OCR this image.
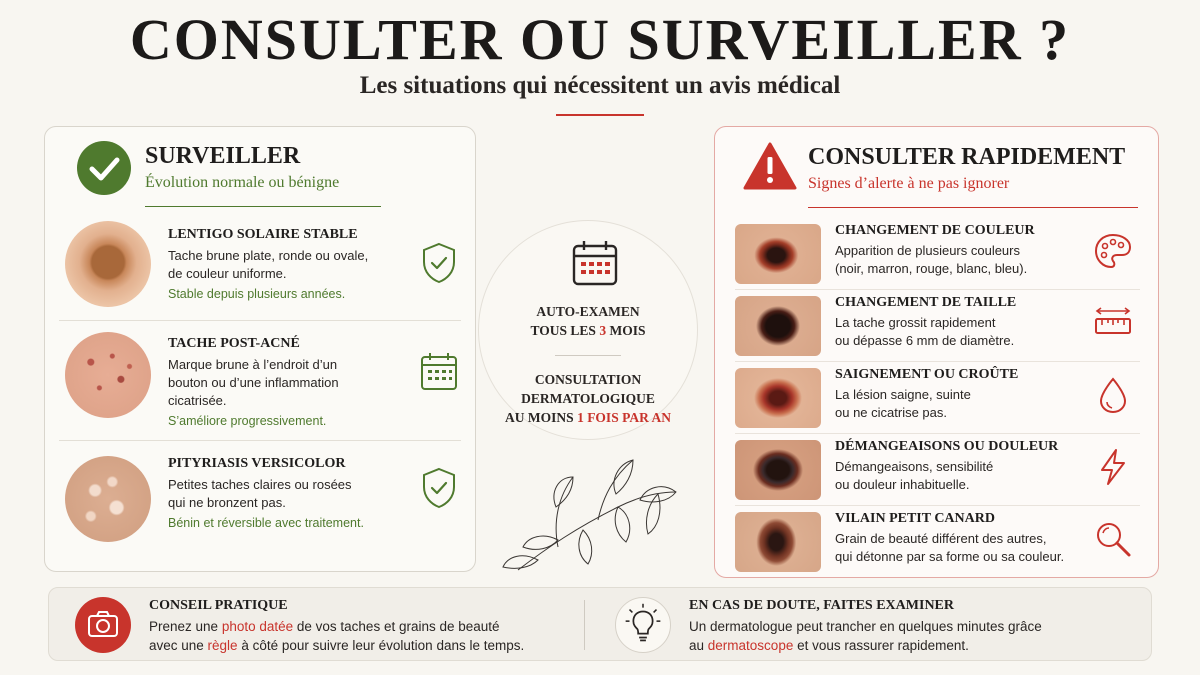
CONSULTER OU SURVEILLER ?
Les situations qui nécessitent un avis médical
SURVEILLER
Évolution normale ou bénigne
LENTIGO SOLAIRE STABLE
Tache brune plate, ronde ou ovale,
de couleur uniforme.
Stable depuis plusieurs années.
TACHE POST-ACNÉ
Marque brune à l’endroit d’un
bouton ou d’une inflammation
cicatrisée.
S’améliore progressivement.
PITYRIASIS VERSICOLOR
Petites taches claires ou rosées
qui ne bronzent pas.
Bénin et réversible avec traitement.
AUTO-EXAMEN
TOUS LES 3 MOIS
CONSULTATION
DERMATOLOGIQUE
AU MOINS 1 FOIS PAR AN
CONSULTER RAPIDEMENT
Signes d’alerte à ne pas ignorer
CHANGEMENT DE COULEUR
Apparition de plusieurs couleurs
(noir, marron, rouge, blanc, bleu).
CHANGEMENT DE TAILLE
La tache grossit rapidement
ou dépasse 6 mm de diamètre.
SAIGNEMENT OU CROÛTE
La lésion saigne, suinte
ou ne cicatrise pas.
DÉMANGEAISONS OU DOULEUR
Démangeaisons, sensibilité
ou douleur inhabituelle.
VILAIN PETIT CANARD
Grain de beauté différent des autres,
qui détonne par sa forme ou sa couleur.
CONSEIL PRATIQUE
Prenez une photo datée de vos taches et grains de beauté
avec une règle à côté pour suivre leur évolution dans le temps.
EN CAS DE DOUTE, FAITES EXAMINER
Un dermatologue peut trancher en quelques minutes grâce
au dermatoscope et vous rassurer rapidement.
